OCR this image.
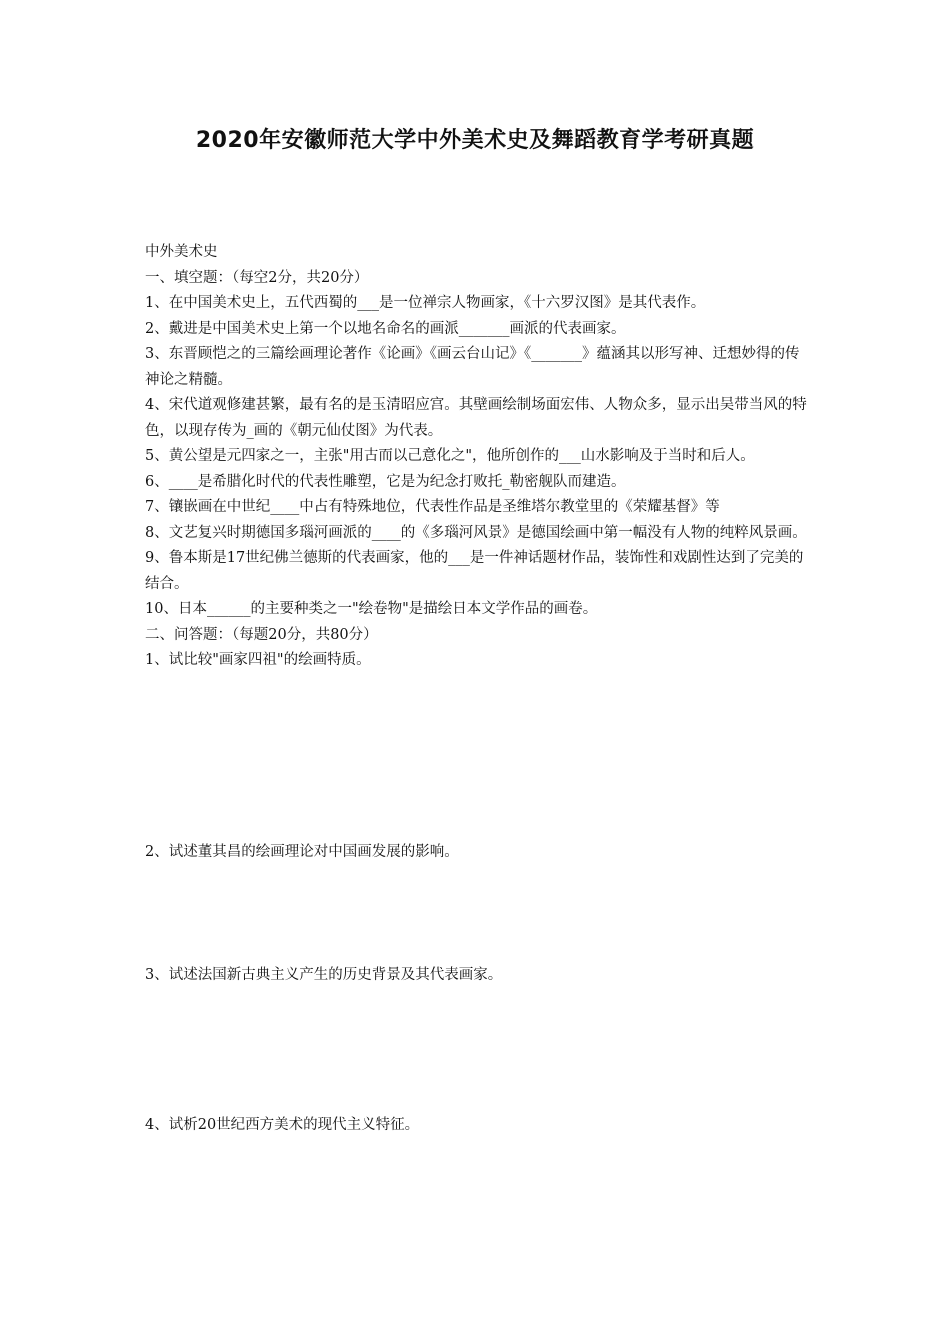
2020年安徽师范大学中外美术史及舞蹈教育学考研真题
中外美术史
一、填空题：（每空2分，共20分）
1、在中国美术史上，五代西蜀的___是一位禅宗人物画家，《十六罗汉图》是其代表作。
2、戴进是中国美术史上第一个以地名命名的画派_______画派的代表画家。
3、东晋顾恺之的三篇绘画理论著作《论画》《画云台山记》《_______》蕴涵其以形写神、迁想妙得的传神论之精髓。
4、宋代道观修建甚繁，最有名的是玉清昭应宫。其壁画绘制场面宏伟、人物众多，显示出吴带当风的特色，以现存传为_画的《朝元仙仗图》为代表。
5、黄公望是元四家之一，主张"用古而以己意化之"，他所创作的___山水影响及于当时和后人。
6、____是希腊化时代的代表性雕塑，它是为纪念打败托_勒密舰队而建造。
7、镶嵌画在中世纪____中占有特殊地位，代表性作品是圣维塔尔教堂里的《荣耀基督》等
8、文艺复兴时期德国多瑙河画派的____的《多瑙河风景》是德国绘画中第一幅没有人物的纯粹风景画。
9、鲁本斯是17世纪佛兰德斯的代表画家，他的___是一件神话题材作品，装饰性和戏剧性达到了完美的结合。
10、日本______的主要种类之一"绘卷物"是描绘日本文学作品的画卷。
二、问答题：（每题20分，共80分）
1、试比较"画家四祖"的绘画特质。
2、试述董其昌的绘画理论对中国画发展的影响。
3、试述法国新古典主义产生的历史背景及其代表画家。
4、试析20世纪西方美术的现代主义特征。
